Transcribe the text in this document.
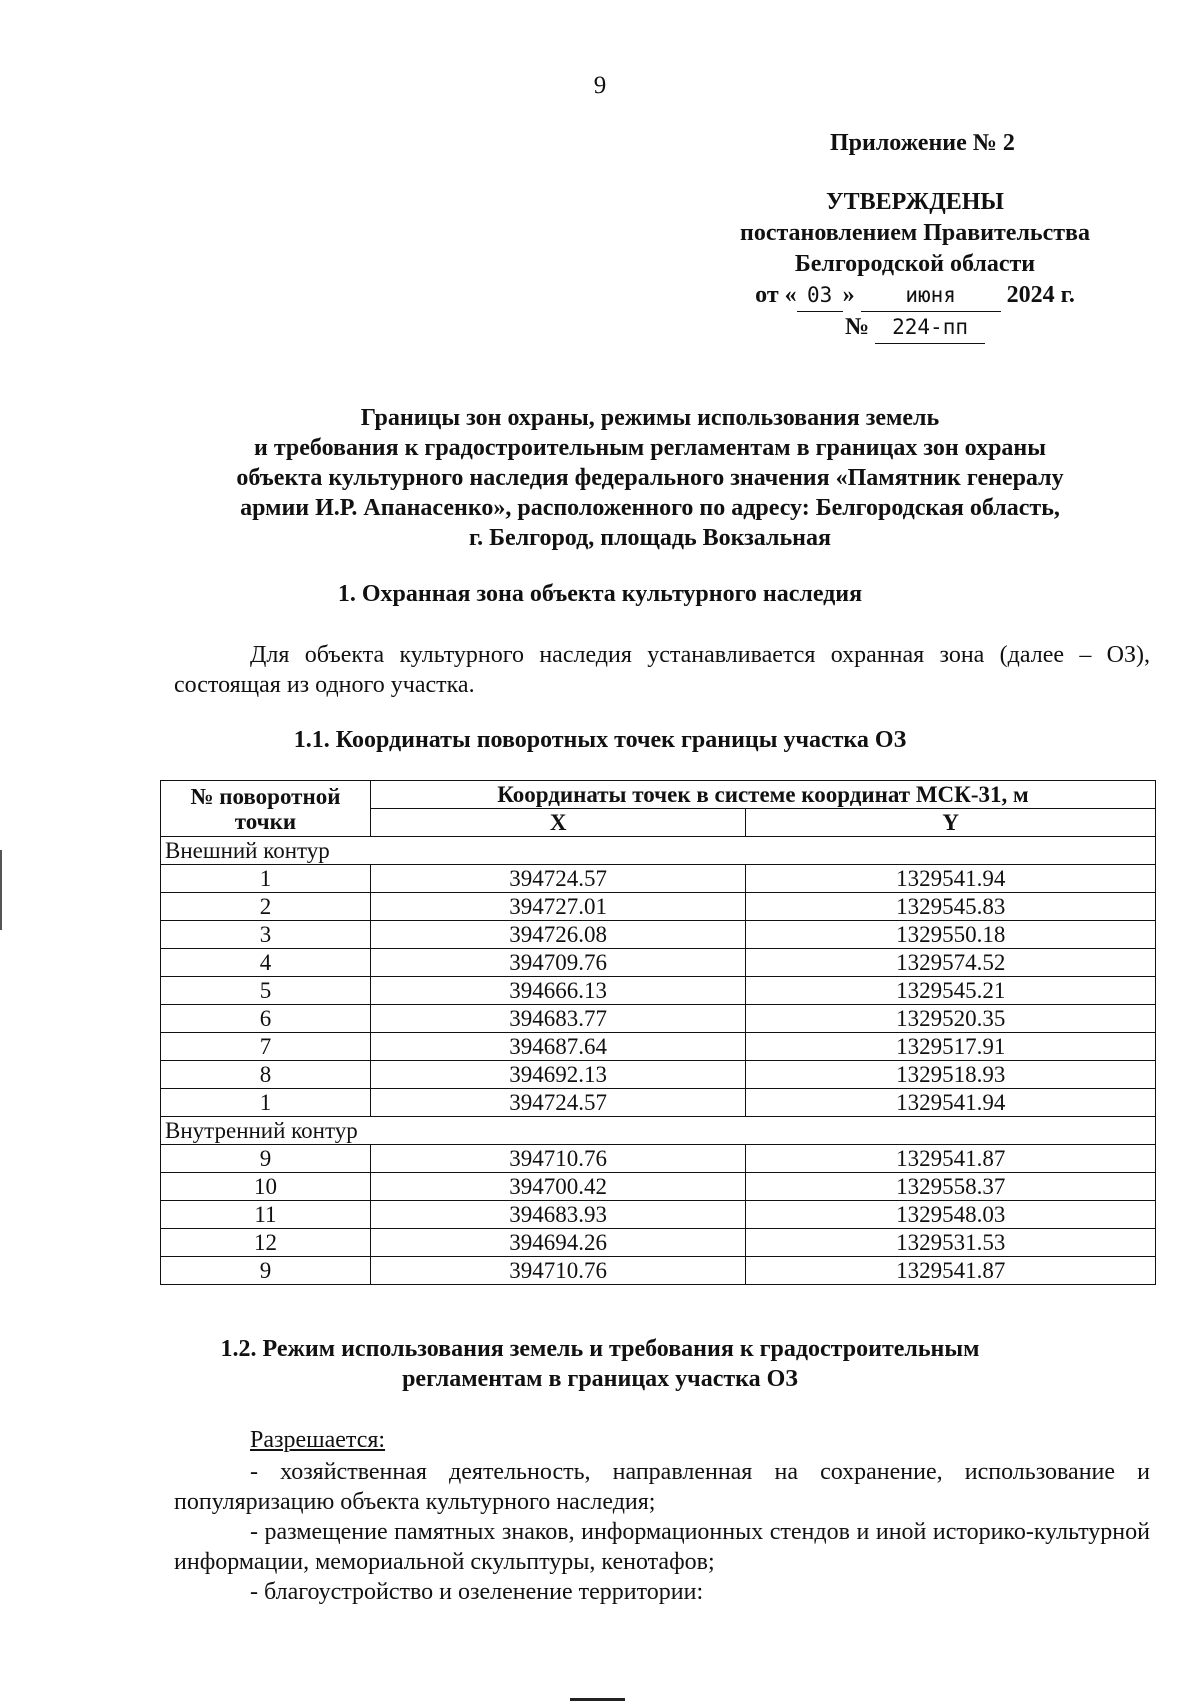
9
Приложение № 2
УТВЕРЖДЕНЫ
постановлением Правительства
Белгородской области
от « 03 » июня 2024 г.
№ 224-пп
Границы зон охраны, режимы использования земель
и требования к градостроительным регламентам в границах зон охраны
объекта культурного наследия федерального значения «Памятник генералу
армии И.Р. Апанасенко», расположенного по адресу: Белгородская область,
г. Белгород, площадь Вокзальная
1. Охранная зона объекта культурного наследия
Для объекта культурного наследия устанавливается охранная зона (далее – ОЗ), состоящая из одного участка.
1.1. Координаты поворотных точек границы участка ОЗ
№ поворотной точки	Координаты точек в системе координат МСК-31, м	
	X	Y
Внешний контур		
1	394724.57	1329541.94
2	394727.01	1329545.83
3	394726.08	1329550.18
4	394709.76	1329574.52
5	394666.13	1329545.21
6	394683.77	1329520.35
7	394687.64	1329517.91
8	394692.13	1329518.93
1	394724.57	1329541.94
Внутренний контур		
9	394710.76	1329541.87
10	394700.42	1329558.37
11	394683.93	1329548.03
12	394694.26	1329531.53
9	394710.76	1329541.87
1.2. Режим использования земель и требования к градостроительным
регламентам в границах участка ОЗ
Разрешается:
- хозяйственная деятельность, направленная на сохранение, использование и популяризацию объекта культурного наследия;
- размещение памятных знаков, информационных стендов и иной историко-культурной информации, мемориальной скульптуры, кенотафов;
- благоустройство и озеленение территории:
